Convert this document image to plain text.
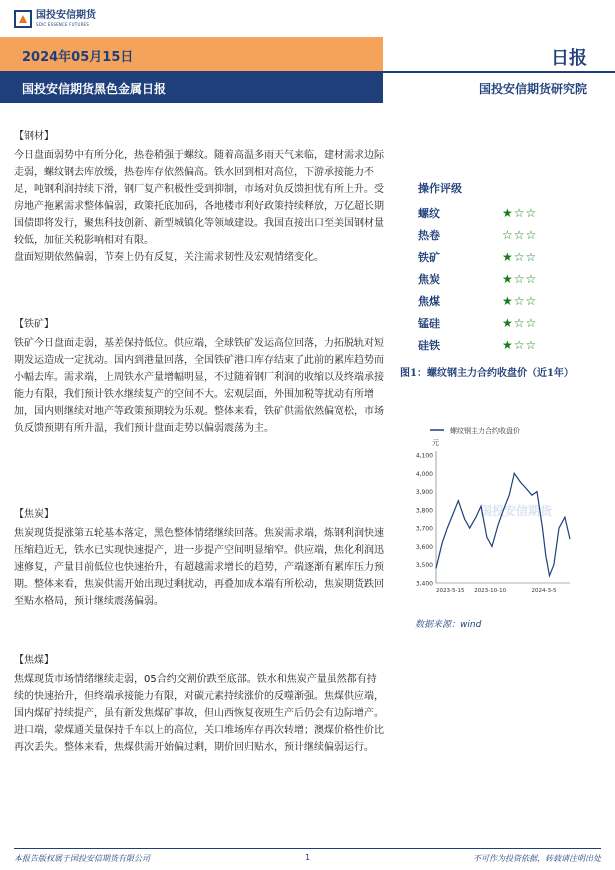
国投安信期货
SDIC ESSENCE FUTURES
2024年05月15日
国投安信期货黑色金属日报
日报
国投安信期货研究院
【钢材】

今日盘面弱势中有所分化，热卷稍强于螺纹。随着高温多雨天气来临，建材需求边际走弱，螺纹钢去库放缓，热卷库存依然偏高。铁水回到相对高位，下游承接能力不足，吨钢利润持续下滑，钢厂复产积极性受到抑制，市场对负反馈担忧有所上升。受房地产拖累需求整体偏弱，政策托底加码，各地楼市利好政策持续释放，万亿超长期国债即将发行，聚焦科技创新、新型城镇化等领域建设。我国直接出口至美国钢材量较低，加征关税影响相对有限。

盘面短期依然偏弱，节奏上仍有反复，关注需求韧性及宏观情绪变化。

【铁矿】

铁矿今日盘面走弱，基差保持低位。供应端，全球铁矿发运高位回落，力拓脱轨对短期发运造成一定扰动。国内到港量回落，全国铁矿港口库存结束了此前的累库趋势而小幅去库。需求端，上周铁水产量增幅明显，不过随着钢厂利润的收缩以及终端承接能力有限，我们预计铁水继续复产的空间不大。宏观层面，外围加税等扰动有所增加，国内则继续对地产等政策预期较为乐观。整体来看，铁矿供需依然偏宽松，市场负反馈预期有所升温，我们预计盘面走势以偏弱震荡为主。

【焦炭】

焦炭现货提涨第五轮基本落定，黑色整体情绪继续回落。焦炭需求端，炼钢利润快速压缩趋近无，铁水已实现快速提产，进一步提产空间明显缩窄。供应端，焦化利润迅速修复，产量目前低位也快速抬升，有超越需求增长的趋势，产端逐渐有累库压力预期。整体来看，焦炭供需开始出现过剩扰动，再叠加成本端有所松动，焦炭期货跌回至贴水格局，预计继续震荡偏弱。

【焦煤】

焦煤现货市场情绪继续走弱，05合约交割价跌至底部。铁水和焦炭产量虽然都有持续的快速抬升，但终端承接能力有限，对碳元素持续涨价的反噬渐强。焦煤供应端，国内煤矿持续提产，虽有新发焦煤矿事故，但山西恢复夜班生产后仍会有边际增产。进口端，蒙煤通关量保持千车以上的高位，关口堆场库存再次转增；澳煤价格性价比再次丢失。整体来看，焦煤供需开始偏过剩，期价回归贴水，预计继续偏弱运行。

操作评级
螺纹	★☆☆
热卷	☆☆☆
铁矿	★☆☆
焦炭	★☆☆
焦煤	★☆☆
锰硅	★☆☆
硅铁	★☆☆
图1：螺纹钢主力合约收盘价（近1年）
螺纹钢主力合约收盘价
元
国投安信期货
3,400
3,500
3,600
3,700
3,800
3,900
4,000
4,100
2023-5-15 2023-10-10	2024-3-5
数据来源：wind
本报告版权属于国投安信期货有限公司	1	不可作为投资依据，转载请注明出处
